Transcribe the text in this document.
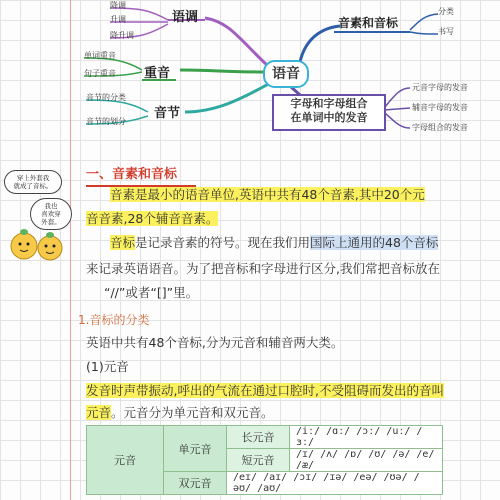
降调
升调
降升调
语调
单词重音
句子重音 重音
音节的分类
音节的划分
音节
语音
音素和音标
分类
书写
字母和字母组合
在单词中的发音
元音字母的发音
辅音字母的发音
字母组合的发音
穿上外套我
就成了音标。
我也
喜欢穿
外套。
一、音素和音标
音素是最小的语音单位,英语中共有48个音素,其中20个元
音音素,28个辅音音素。
音标是记录音素的符号。现在我们用国际上通用的48个音标
来记录英语语音。为了把音标和字母进行区分,我们常把音标放在
“//”或者“[]”里。
1.音标的分类
英语中共有48个音标,分为元音和辅音两大类。
(1)元音
发音时声带振动,呼出的气流在通过口腔时,不受阻碍而发出的音叫
元音。元音分为单元音和双元音。
元音	单元音	长元音	/iː/ /ɑː/ /ɔː/ /uː/ /ɜː/
		短元音	/ɪ/ /ʌ/ /ɒ/ /ʊ/ /ə/ /e/ /æ/
	双元音	/eɪ/ /aɪ/ /ɔɪ/ /ɪə/ /eə/ /ʊə/ /əʊ/ /aʊ/	
